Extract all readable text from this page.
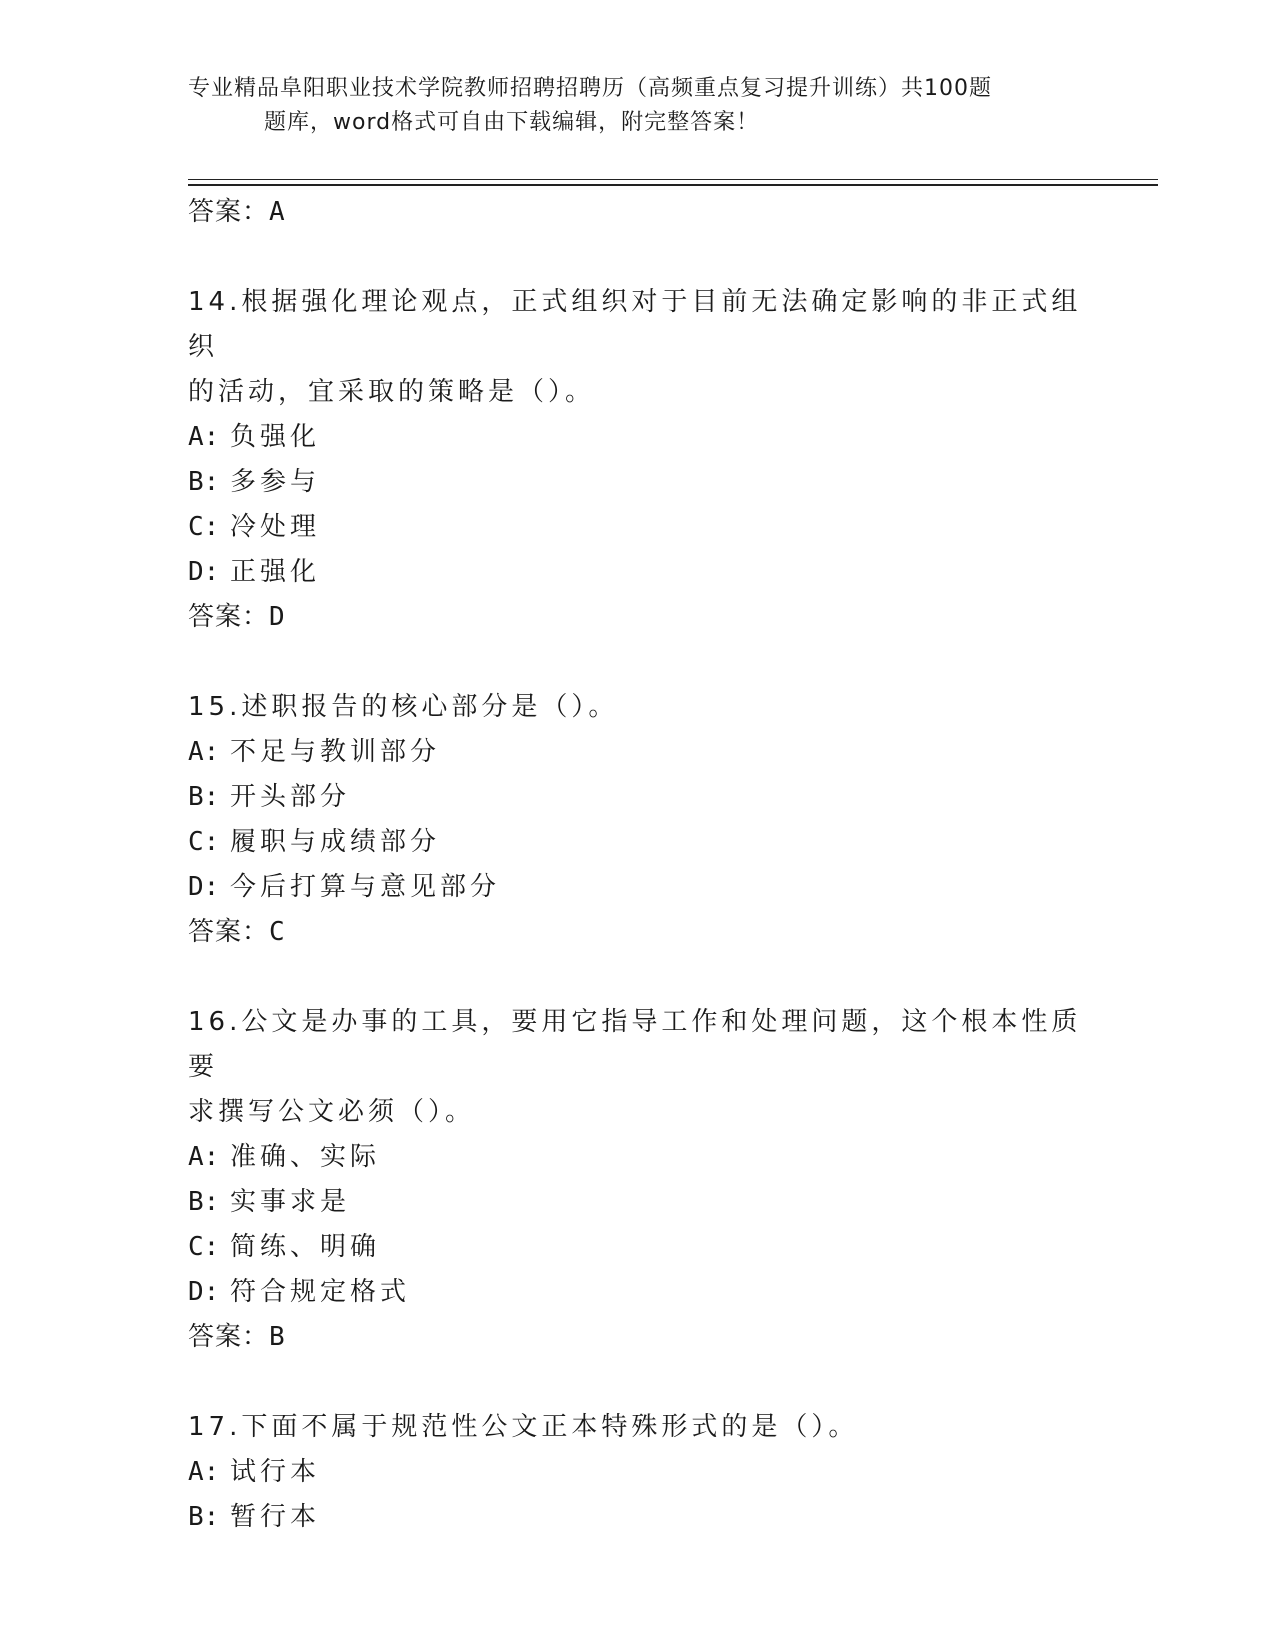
专业精品阜阳职业技术学院教师招聘招聘历（高频重点复习提升训练）共100题
题库，word格式可自由下载编辑，附完整答案！
答案：A
14.根据强化理论观点，正式组织对于目前无法确定影响的非正式组织
的活动，宜采取的策略是（）。
A: 负强化
B: 多参与
C: 冷处理
D: 正强化
答案：D
15.述职报告的核心部分是（）。
A: 不足与教训部分
B: 开头部分
C: 履职与成绩部分
D: 今后打算与意见部分
答案：C
16.公文是办事的工具，要用它指导工作和处理问题，这个根本性质要
求撰写公文必须（）。
A: 准确、实际
B: 实事求是
C: 简练、明确
D: 符合规定格式
答案：B
17.下面不属于规范性公文正本特殊形式的是（）。
A: 试行本
B: 暂行本
